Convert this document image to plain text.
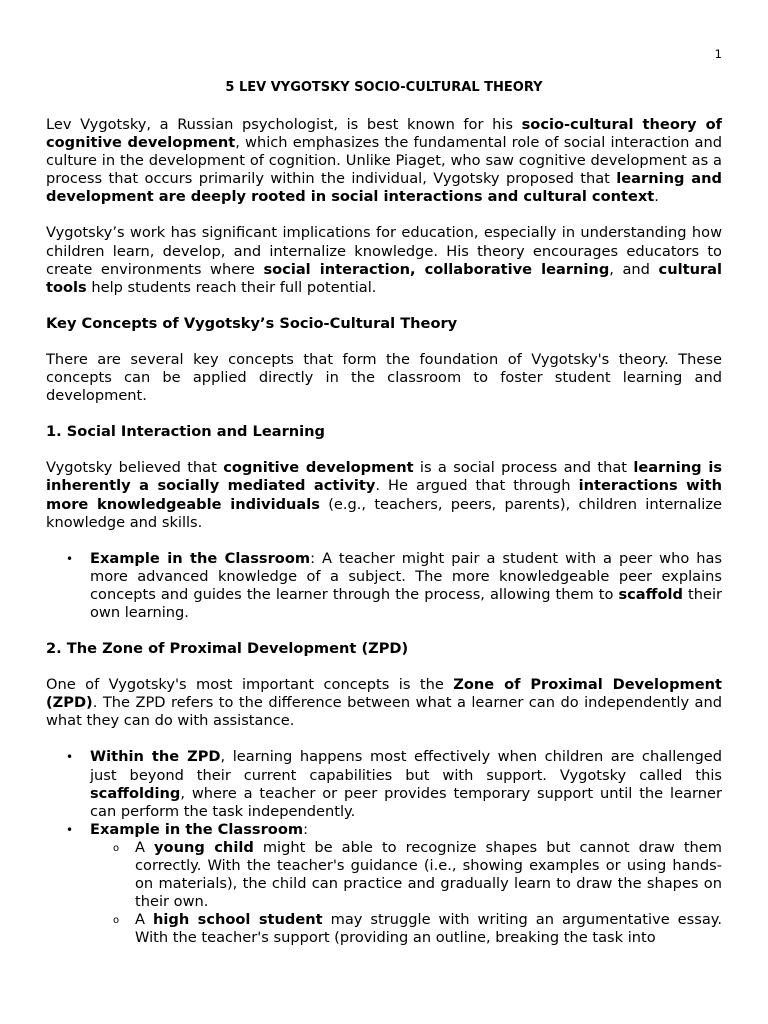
1
5 LEV VYGOTSKY SOCIO-CULTURAL THEORY

Lev Vygotsky, a Russian psychologist, is best known for his socio-cultural theory of cognitive development, which emphasizes the fundamental role of social interaction and culture in the development of cognition. Unlike Piaget, who saw cognitive development as a process that occurs primarily within the individual, Vygotsky proposed that learning and development are deeply rooted in social interactions and cultural context.

Vygotsky’s work has significant implications for education, especially in understanding how children learn, develop, and internalize knowledge. His theory encourages educators to create environments where social interaction, collaborative learning, and cultural tools help students reach their full potential.

Key Concepts of Vygotsky’s Socio-Cultural Theory

There are several key concepts that form the foundation of Vygotsky's theory. These concepts can be applied directly in the classroom to foster student learning and development.

1. Social Interaction and Learning

Vygotsky believed that cognitive development is a social process and that learning is inherently a socially mediated activity. He argued that through interactions with more knowledgeable individuals (e.g., teachers, peers, parents), children internalize knowledge and skills.

• Example in the Classroom: A teacher might pair a student with a peer who has more advanced knowledge of a subject. The more knowledgeable peer explains concepts and guides the learner through the process, allowing them to scaffold their own learning.
2. The Zone of Proximal Development (ZPD)

One of Vygotsky's most important concepts is the Zone of Proximal Development (ZPD). The ZPD refers to the difference between what a learner can do independently and what they can do with assistance.

• Within the ZPD, learning happens most effectively when children are challenged just beyond their current capabilities but with support. Vygotsky called this scaffolding, where a teacher or peer provides temporary support until the learner can perform the task independently.
• Example in the Classroom:
o A young child might be able to recognize shapes but cannot draw them correctly. With the teacher's guidance (i.e., showing examples or using hands-on materials), the child can practice and gradually learn to draw the shapes on their own.
o A high school student may struggle with writing an argumentative essay. With the teacher's support (providing an outline, breaking the task into
